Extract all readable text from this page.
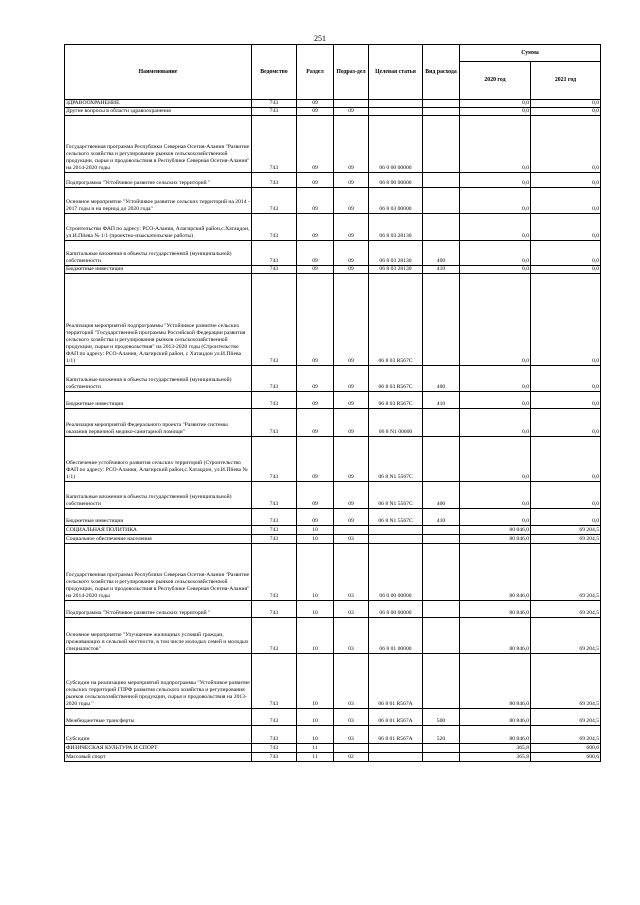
251
Наименование	Ведомство	Раздел	Подраз-дел	Целевая статья	Вид расхода	Сумма	
						2020 год	2021 год
ЗДРАВООХРАНЕНИЕ	743	09				0,0	0,0
Другие вопросы в области здравоохранения	743	09	09			0,0	0,0
Государственная программа Республики Северная Осетия-Алания "Развитие сельского хозяйства и регулирование рынков сельскохозяйственной продукции, сырья и продовольствия в Республике Северная Осетия-Алания" на 2014-2020 годы	743	09	09	06 0 00 00000		0,0	0,0
Подпрограмма "Устойчивое развитие сельских территорий "	743	09	09	06 8 00 00000		0,0	0,0
Основное мероприятие "Устойчивое развитие сельских территорий на 2014 - 2017 годы и на период до 2020 года"	743	09	09	06 8 03 00000		0,0	0,0
Строительство ФАП по адресу: РСО-Алания, Алагирский район,с.Хатацдон, ул.И.Пliева № 1/1 (проектно-изыскательские работы)	743	09	09	06 8 03 28130		0,0	0,0
Капитальные вложения в объекты государственной (муниципальной) собственности	743	09	09	06 8 03 28130	400	0,0	0,0
Бюджетные инвестиции	743	09	09	06 8 03 28130	410	0,0	0,0
Реализация мероприятий подпрограммы "Устойчивое развитие сельских территорий "Государственной программы Российской Федерации развития сельского хозяйства и регулирования рынков сельскохозяйственной продукции, сырья и продовольствия" на 2013-2020 годы (Строительство ФАП по адресу: РСО-Алания, Алагирский район, с Хатацдон ул.И.Пliева 1/1)	743	09	09	06 8 03 R567C		0,0	0,0
Капитальные вложения в объекты государственной (муниципальной) собственности	743	09	09	06 8 03 R567C	400	0,0	0,0
Бюджетные инвестиции	743	09	09	06 8 03 R567C	410	0,0	0,0
Реализация мероприятий Федерального проекта "Развитие системы оказания первичной медико-санитарной помощи"	743	09	09	06 8 N1 00000		0,0	0,0
Обеспечение устойчивого развития сельских территорий (Строительство ФАП по адресу: РСО-Алания, Алагирский район,с.Хатацдон, ул.И.Пliева № 1/1)	743	09	09	06 8 N1 5567C		0,0	0,0
Капитальные вложения в объекты государственной (муниципальной) собственности	743	09	09	06 8 N1 5567C	400	0,0	0,0
Бюджетные инвестиции	743	09	09	06 8 N1 5567C	410	0,0	0,0
СОЦИАЛЬНАЯ ПОЛИТИКА	743	10				80 846,0	69 204,5
Социальное обеспечение населения	743	10	03			80 846,0	69 204,5
Государственная программа Республики Северная Осетия-Алания "Развитие сельского хозяйства и регулирование рынков сельскохозяйственной продукции, сырья и продовольствия в Республике Северная Осетия-Алания" на 2014-2020 годы	743	10	03	06 0 00 00000		80 846,0	69 204,5
Подпрограмма "Устойчивое развитие сельских территорий "	743	10	03	06 8 00 00000		80 846,0	69 204,5
Основное мероприятие "Улучшение жилищных условий граждан, проживающих в сельской местности, в том числе молодых семей и молодых специалистов"	743	10	03	06 8 01 00000		80 846,0	69 204,5
Субсидии на реализацию мероприятий подпрограммы "Устойчивое развитие сельских территорий ГПРФ развития сельского хозяйства и регулирования рынков сельскохозяйственной продукции, сырья и продовольствия на 2013-2020 годы "	743	10	03	06 8 01 R567A		80 846,0	69 204,5
Межбюджетные трансферты	743	10	03	06 8 01 R567A	500	80 846,0	69 204,5
Субсидии	743	10	03	06 8 01 R567A	520	80 846,0	69 204,5
ФИЗИЧЕСКАЯ КУЛЬТУРА И СПОРТ	743	11				365,8	600,6
Массовый спорт	743	11	02			365,8	600,6
